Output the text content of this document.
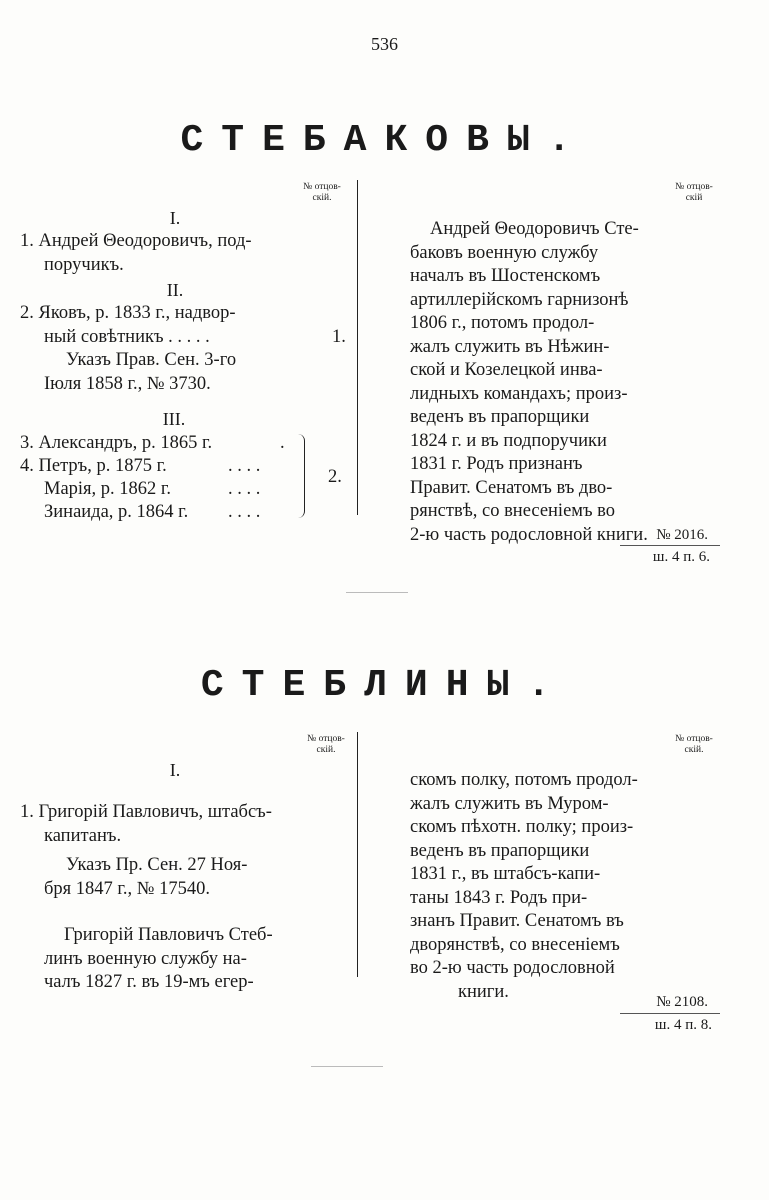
536
СТЕБАКОВЫ.
№ отцов-
скій.
№ отцов-
скій
I.
1. Андрей Θеодоровичъ, под-
поручикъ.
II.
2. Яковъ, р. 1833 г., надвор-
ный совѣтникъ . . . . .	1.
Указъ Прав. Сен. 3-го
Іюля 1858 г., № 3730.
III.
3. Александръ, р. 1865 г.	.
4. Петръ, р. 1875 г.	. . . .
Марія, р. 1862 г.	. . . .
Зинаида, р. 1864 г. . . . .
2.
Андрей Θеодоровичъ Сте-
баковъ военную службу
началъ въ Шостенскомъ
артиллерійскомъ гарнизонѣ
1806 г., потомъ продол-
жалъ служить въ Нѣжин-
ской и Козелецкой инва-
лидныхъ командахъ; произ-
веденъ въ прапорщики
1824 г. и въ подпоручики
1831 г. Родъ признанъ
Правит. Сенатомъ въ дво-
рянствѣ, со внесеніемъ во
2-ю часть родословной книги. № 2016.
ш. 4 п. 6.
СТЕБЛИНЫ.
№ отцов-
скій.
№ отцов-
скій.
I.
1. Григорій Павловичъ, штабсъ-
капитанъ.
Указъ Пр. Сен. 27 Ноя-
бря 1847 г., № 17540.
Григорій Павловичъ Стеб-
линъ военную службу на-
чалъ 1827 г. въ 19-мъ егер-
скомъ полку, потомъ продол-
жалъ служить въ Муром-
скомъ пѣхотн. полку; произ-
веденъ въ прапорщики
1831 г., въ штабсъ-капи-
таны 1843 г. Родъ при-
знанъ Правит. Сенатомъ въ
дворянствѣ, со внесеніемъ
во 2-ю часть родословной
книги.
№ 2108.
ш. 4 п. 8.
